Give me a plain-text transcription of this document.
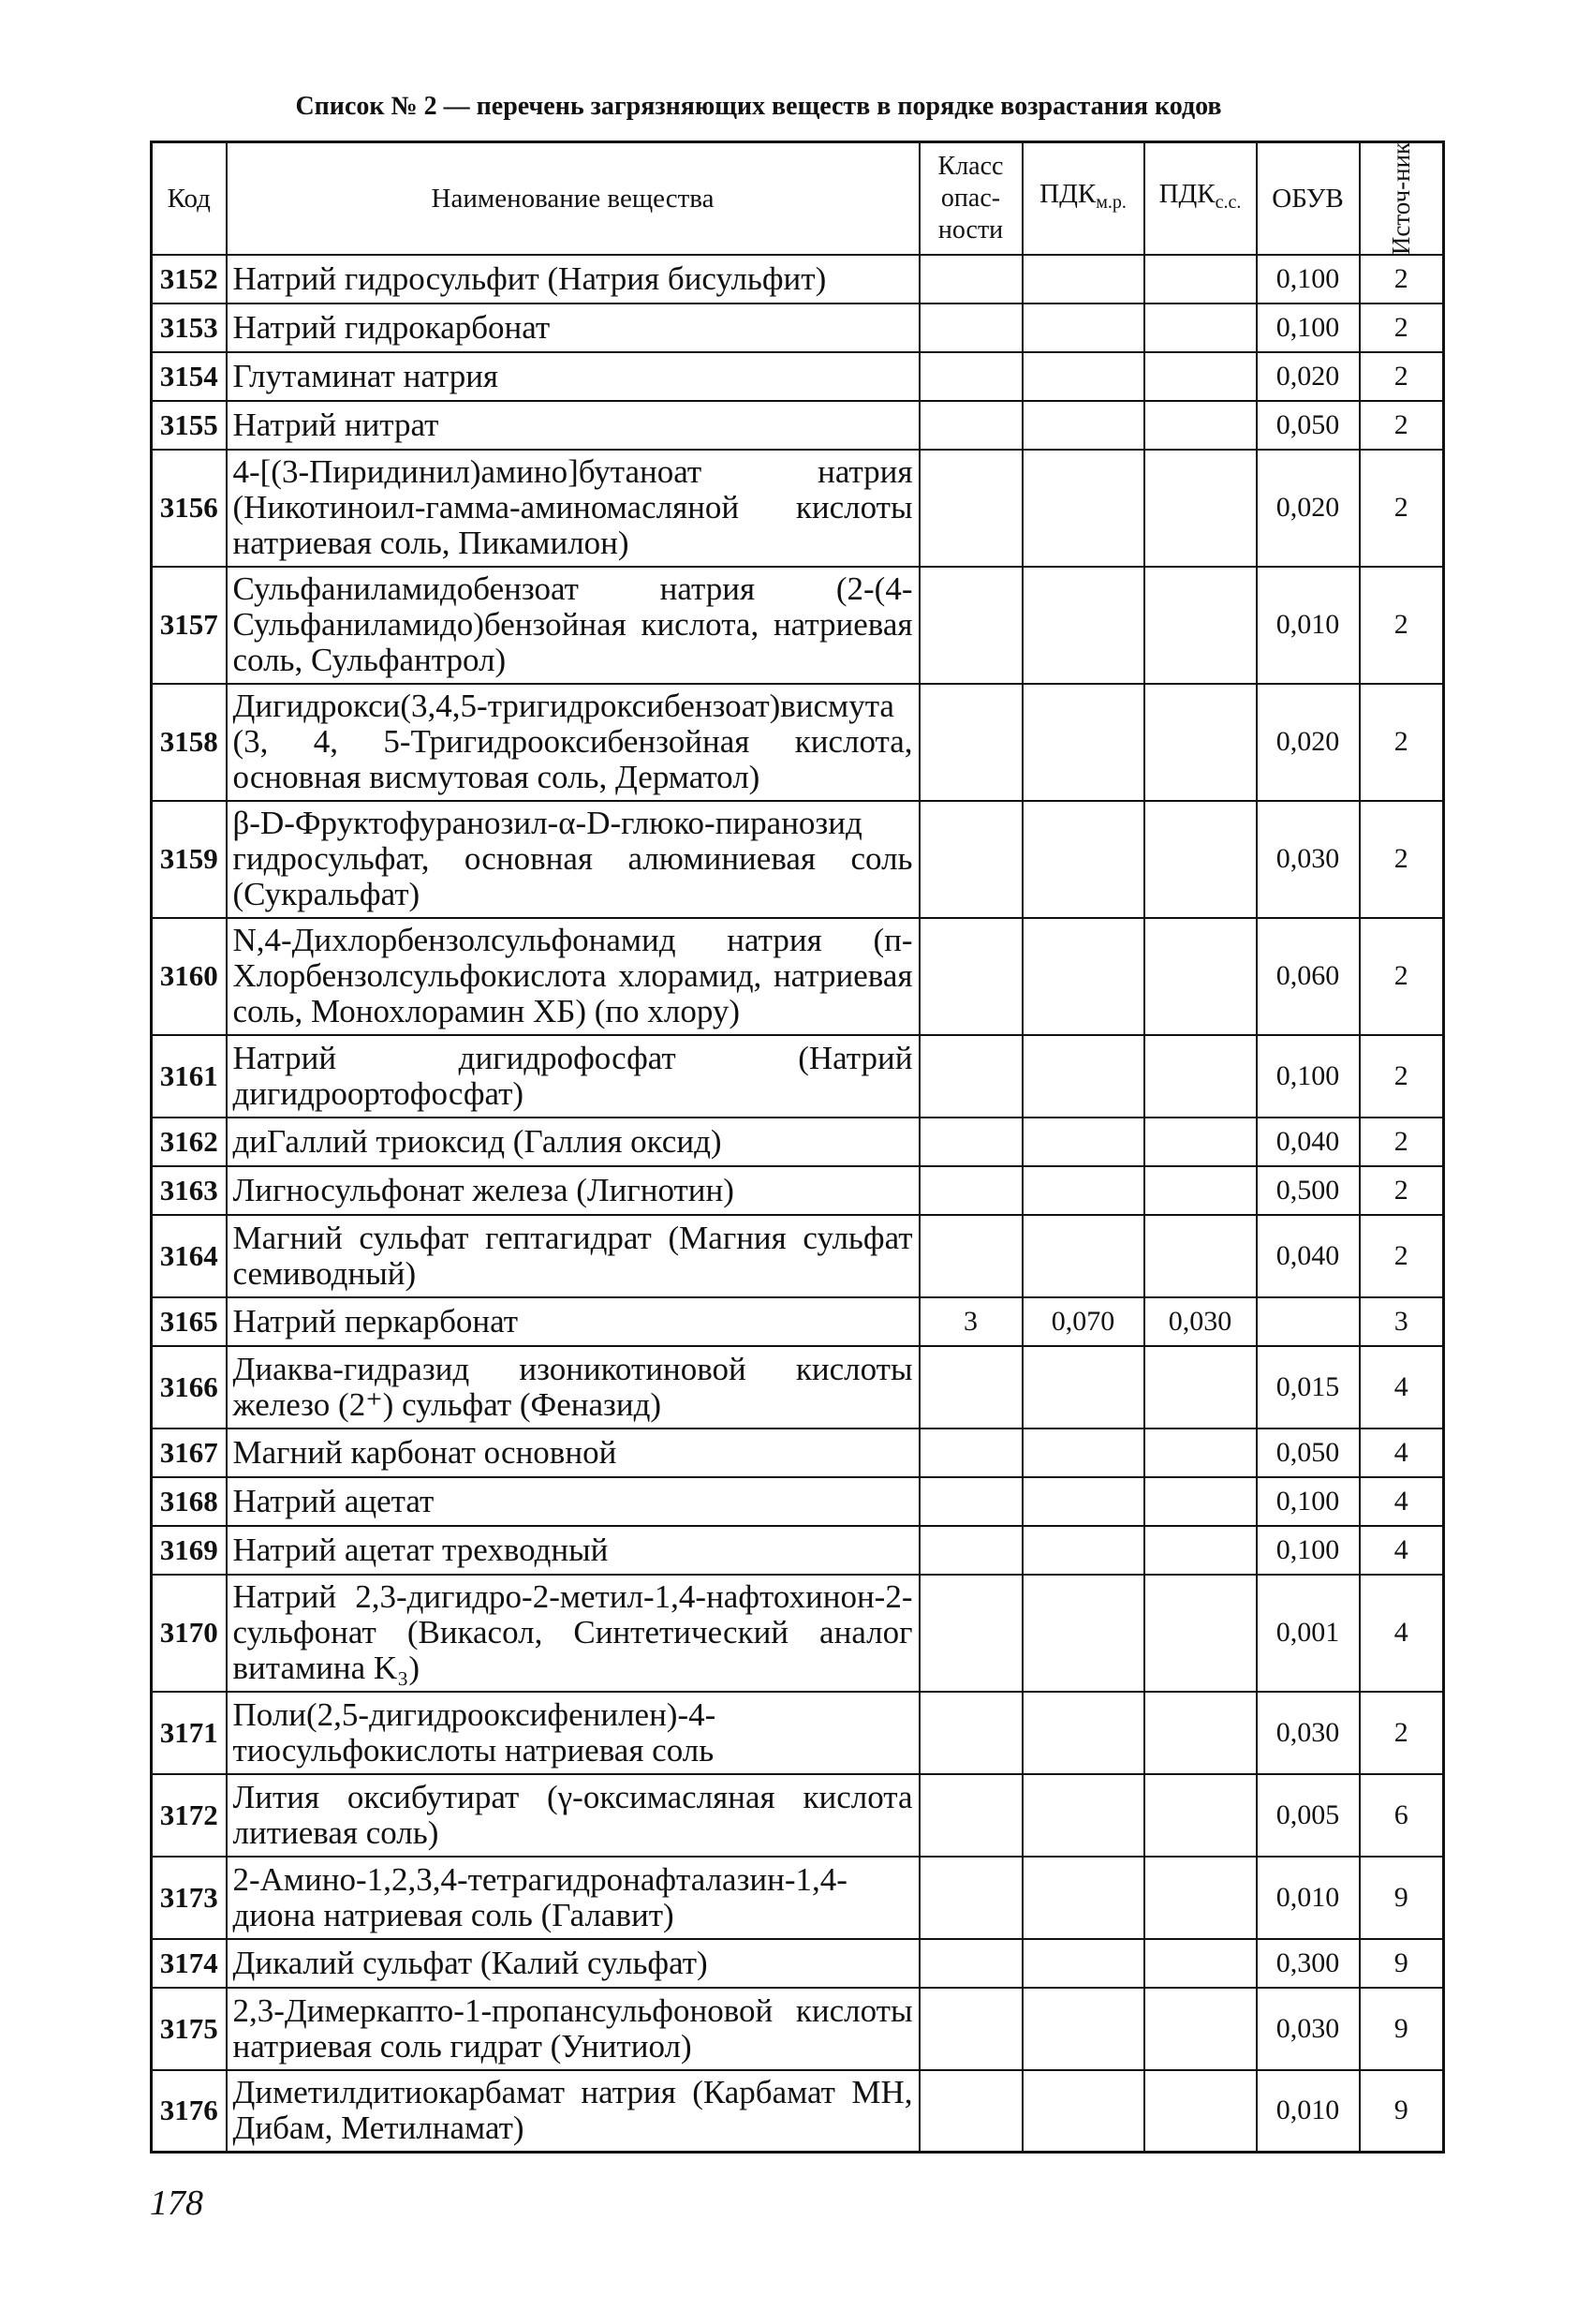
Список № 2 — перечень загрязняющих веществ в порядке возрастания кодов
Код	Наименование вещества	Класс опас-ности	$ПДК_{м.р.}$	$ПДК_{с.с.}$	ОБУВ	Источ-ник

3152	Натрий гидросульфит (Натрия бисульфит)				0,100	2
3153	Натрий гидрокарбонат				0,100	2
3154	Глутаминат натрия				0,020	2
3155	Натрий нитрат				0,050	2
3156	4-[(3-Пиридинил)амино]бутаноат натрия (Никотиноил-гамма-аминомасляной кислоты натриевая соль, Пикамилон)				0,020	2
3157	Сульфаниламидобензоат натрия (2-(4-Сульфаниламидо)бензойная кислота, натриевая соль, Сульфантрол)				0,010	2
3158	Дигидрокси(3,4,5-тригидроксибензоат)висмута (3, 4, 5-Тригидрооксибензойная кислота, основная висмутовая соль, Дерматол)				0,020	2
3159	β-D-Фруктофуранозил-α-D-глюко-пиранозид гидросульфат, основная алюминиевая соль (Сукральфат)				0,030	2
3160	N,4-Дихлорбензолсульфонамид натрия (п-Хлорбензолсульфокислота хлорамид, натриевая соль, Монохлорамин ХБ) (по хлору)				0,060	2
3161	Натрий дигидрофосфат (Натрий дигидроортофосфат)				0,100	2
3162	диГаллий триоксид (Галлия оксид)				0,040	2
3163	Лигносульфонат железа (Лигнотин)				0,500	2
3164	Магний сульфат гептагидрат (Магния сульфат семиводный)				0,040	2
3165	Натрий перкарбонат	3	0,070	0,030		3
3166	Диаква-гидразид изоникотиновой кислоты железо (2⁺) сульфат (Феназид)				0,015	4
3167	Магний карбонат основной				0,050	4
3168	Натрий ацетат				0,100	4
3169	Натрий ацетат трехводный				0,100	4
3170	Натрий 2,3-дигидро-2-метил-1,4-нафтохинон-2-сульфонат (Викасол, Синтетический аналог витамина K₃)				0,001	4
3171	Поли(2,5-дигидрооксифенилен)-4-тиосульфокислоты натриевая соль				0,030	2
3172	Лития оксибутират (γ-оксимасляная кислота литиевая соль)				0,005	6
3173	2-Амино-1,2,3,4-тетрагидронафталазин-1,4-диона натриевая соль (Галавит)				0,010	9
3174	Дикалий сульфат (Калий сульфат)				0,300	9
3175	2,3-Димеркапто-1-пропансульфоновой кислоты натриевая соль гидрат (Унитиол)				0,030	9
3176	Диметилдитиокарбамат натрия (Карбамат МН, Дибам, Метилнамат)				0,010	9
178
